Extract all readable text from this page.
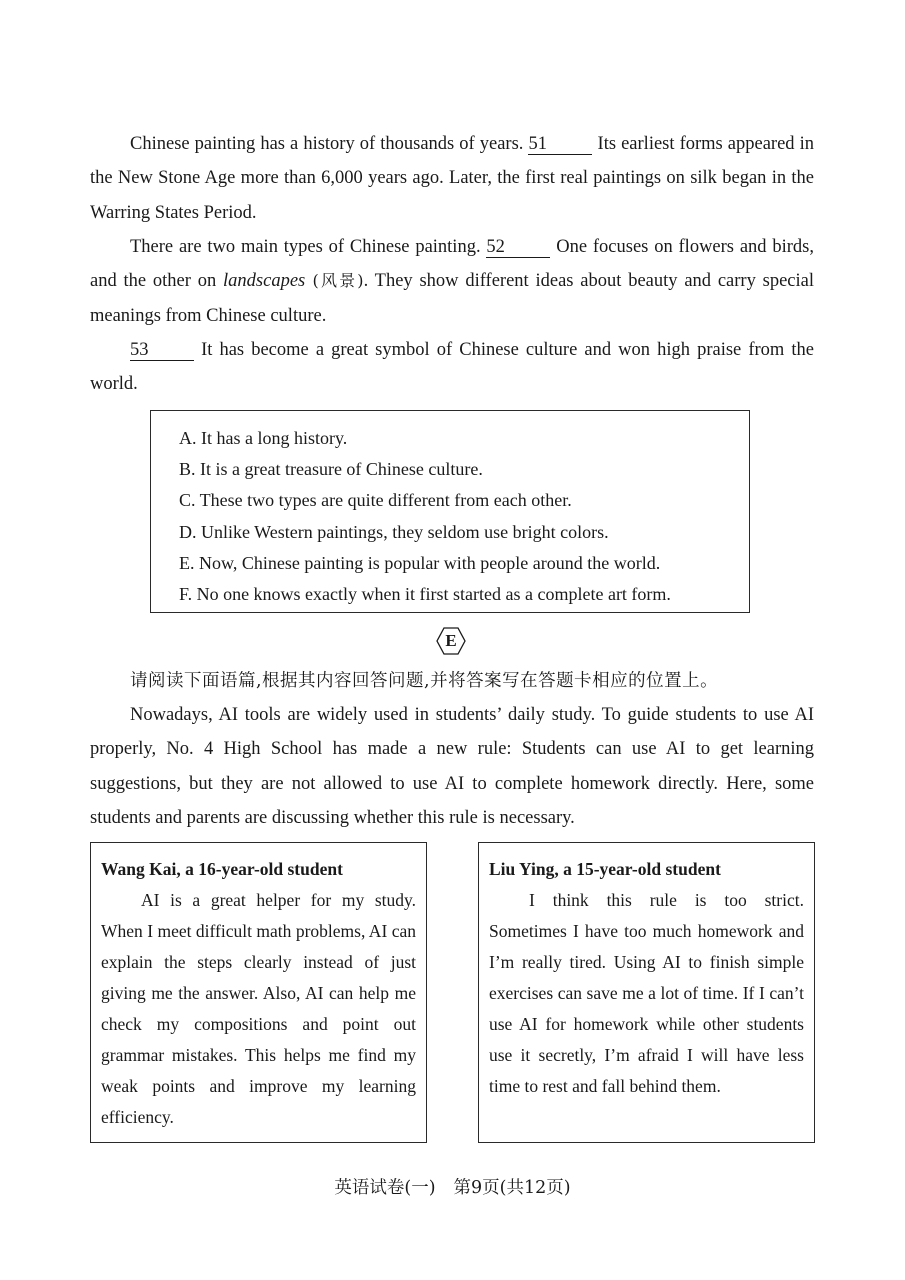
Chinese painting has a history of thousands of years. 51 Its earliest forms appeared in the New Stone Age more than 6,000 years ago. Later, the first real paintings on silk began in the Warring States Period.

There are two main types of Chinese painting. 52 One focuses on flowers and birds, and the other on landscapes (风景). They show different ideas about beauty and carry special meanings from Chinese culture.

53 It has become a great symbol of Chinese culture and won high praise from the world.

A. It has a long history.
B. It is a great treasure of Chinese culture.
C. These two types are quite different from each other.
D. Unlike Western paintings, they seldom use bright colors.
E. Now, Chinese painting is popular with people around the world.
F. No one knows exactly when it first started as a complete art form.
E
请阅读下面语篇,根据其内容回答问题,并将答案写在答题卡相应的位置上。

Nowadays, AI tools are widely used in students’ daily study. To guide students to use AI properly, No. 4 High School has made a new rule: Students can use AI to get learning suggestions, but they are not allowed to use AI to complete homework directly. Here, some students and parents are discussing whether this rule is necessary.

Wang Kai, a 16-year-old student
AI is a great helper for my study. When I meet difficult math problems, AI can explain the steps clearly instead of just giving me the answer. Also, AI can help me check my compositions and point out grammar mistakes. This helps me find my weak points and improve my learning efficiency.
Liu Ying, a 15-year-old student
I think this rule is too strict. Sometimes I have too much homework and I’m really tired. Using AI to finish simple exercises can save me a lot of time. If I can’t use AI for homework while other students use it secretly, I’m afraid I will have less time to rest and fall behind them.
英语试卷(一) 第9页(共12页)
